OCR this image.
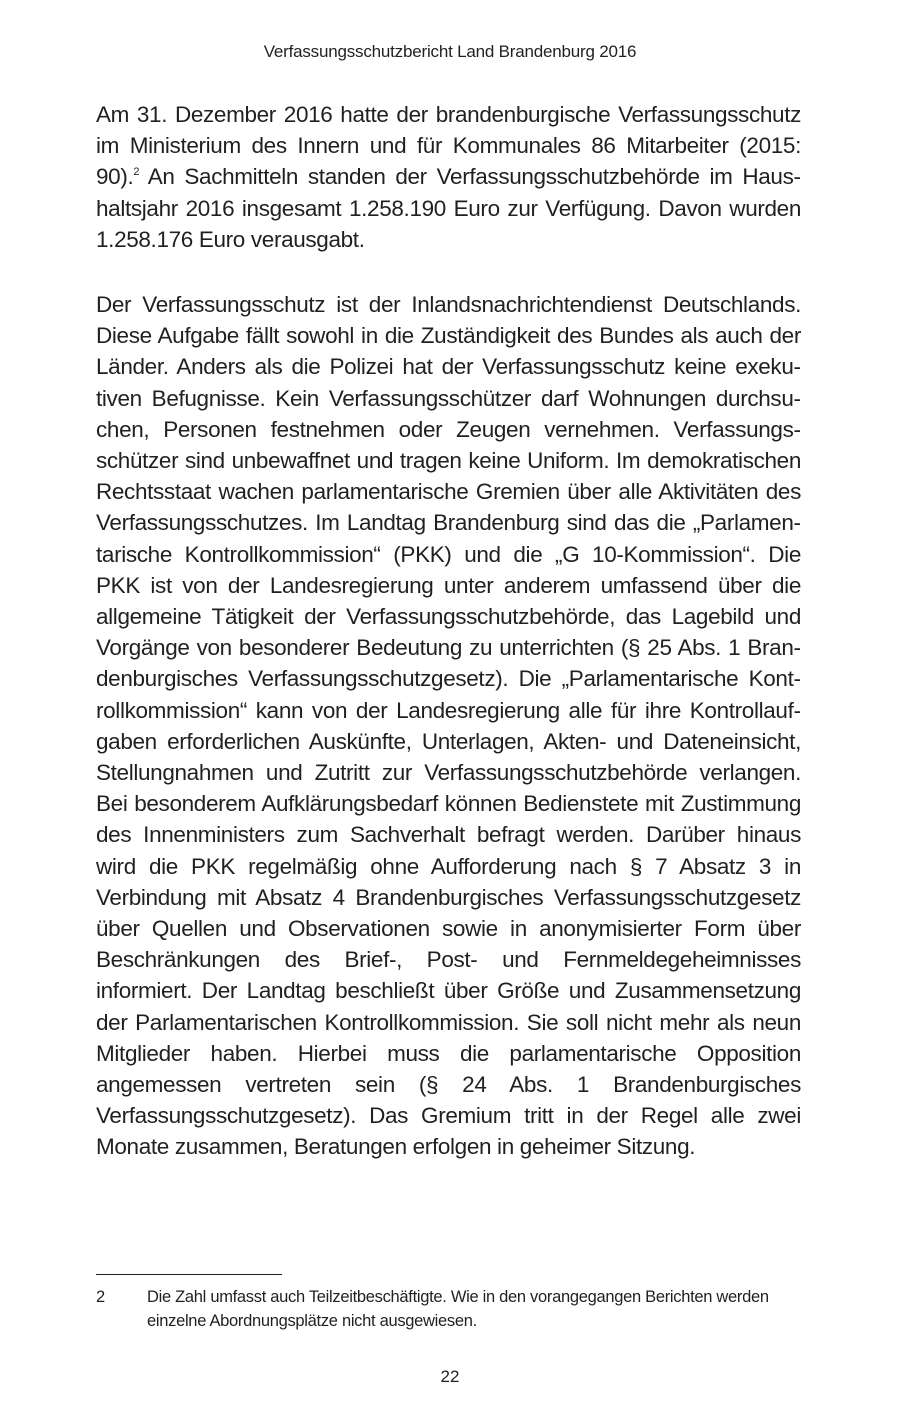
Verfassungsschutzbericht Land Brandenburg 2016

Am 31. Dezember 2016 hatte der brandenburgische Verfassungsschutz im Ministerium des Innern und für Kommunales 86 Mitarbeiter (2015: 90).$^2$ An Sachmitteln standen der Verfassungsschutzbehörde im Haushaltsjahr 2016 insgesamt 1.258.190 Euro zur Verfügung. Davon wurden 1.258.176 Euro verausgabt.

Der Verfassungsschutz ist der Inlandsnachrichtendienst Deutschlands. Diese Aufgabe fällt sowohl in die Zuständigkeit des Bundes als auch der Länder. Anders als die Polizei hat der Verfassungsschutz keine exekutiven Befugnisse. Kein Verfassungsschützer darf Wohnungen durchsuchen, Personen festnehmen oder Zeugen vernehmen. Verfassungsschützer sind unbewaffnet und tragen keine Uniform. Im demokratischen Rechtsstaat wachen parlamentarische Gremien über alle Aktivitäten des Verfassungsschutzes. Im Landtag Brandenburg sind das die „Parlamentarische Kontrollkommission“ (PKK) und die „G 10-Kommission“. Die PKK ist von der Landesregierung unter anderem umfassend über die allgemeine Tätigkeit der Verfassungsschutzbehörde, das Lagebild und Vorgänge von besonderer Bedeutung zu unterrichten (§ 25 Abs. 1 Brandenburgisches Verfassungsschutzgesetz). Die „Parlamentarische Kontrollkommission“ kann von der Landesregierung alle für ihre Kontrollaufgaben erforderlichen Auskünfte, Unterlagen, Akten- und Dateneinsicht, Stellungnahmen und Zutritt zur Verfassungsschutzbehörde verlangen. Bei besonderem Aufklärungsbedarf können Bedienstete mit Zustimmung des Innenministers zum Sachverhalt befragt werden. Darüber hinaus wird die PKK regelmäßig ohne Aufforderung nach § 7 Absatz 3 in Verbindung mit Absatz 4 Brandenburgisches Verfassungsschutzgesetz über Quellen und Observationen sowie in anonymisierter Form über Beschränkungen des Brief-, Post- und Fernmeldegeheimnisses informiert. Der Landtag beschließt über Größe und Zusammensetzung der Parlamentarischen Kontrollkommission. Sie soll nicht mehr als neun Mitglieder haben. Hierbei muss die parlamentarische Opposition angemessen vertreten sein (§ 24 Abs. 1 Brandenburgisches Verfassungsschutzgesetz). Das Gremium tritt in der Regel alle zwei Monate zusammen, Beratungen erfolgen in geheimer Sitzung.

2	Die Zahl umfasst auch Teilzeitbeschäftigte. Wie in den vorangegangen Berichten werden einzelne Abordnungsplätze nicht ausgewiesen.
22
